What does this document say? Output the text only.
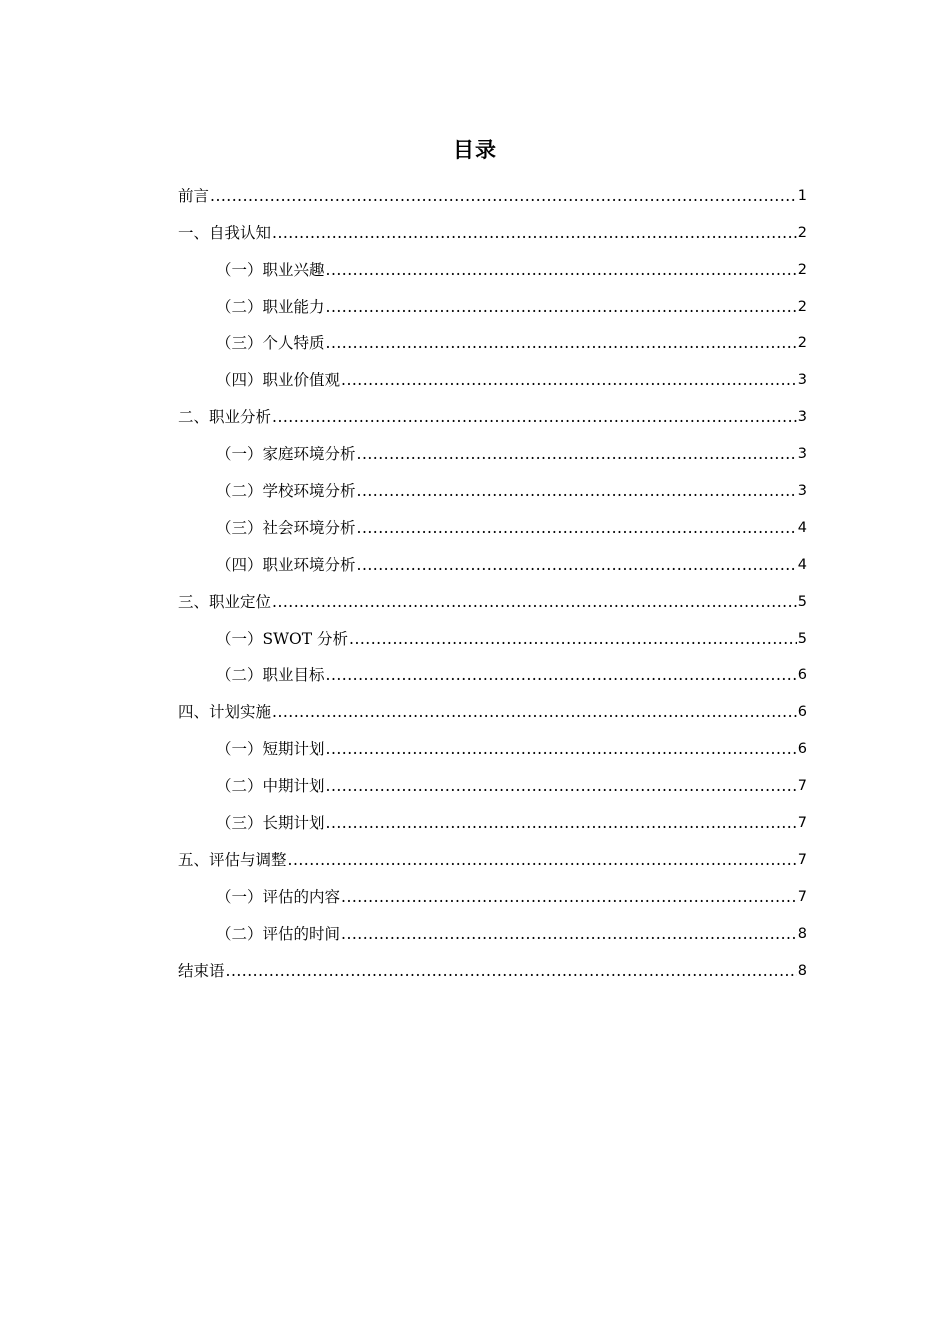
目录
前言 .....	1
一、自我认知 .....	2
（一）职业兴趣 .....	2
（二）职业能力 .....	2
（三）个人特质 .....	2
（四）职业价值观 .....	3
二、职业分析 .....	3
（一）家庭环境分析 .....	3
（二）学校环境分析 .....	3
（三）社会环境分析 .....	4
（四）职业环境分析 .....	4
三、职业定位 .....	5
（一）SWOT 分析 .....	5
（二）职业目标 .....	6
四、计划实施 .....	6
（一）短期计划 .....	6
（二）中期计划 .....	7
（三）长期计划 .....	7
五、评估与调整 .....	7
（一）评估的内容 .....	7
（二）评估的时间 .....	8
结束语 .....	8
